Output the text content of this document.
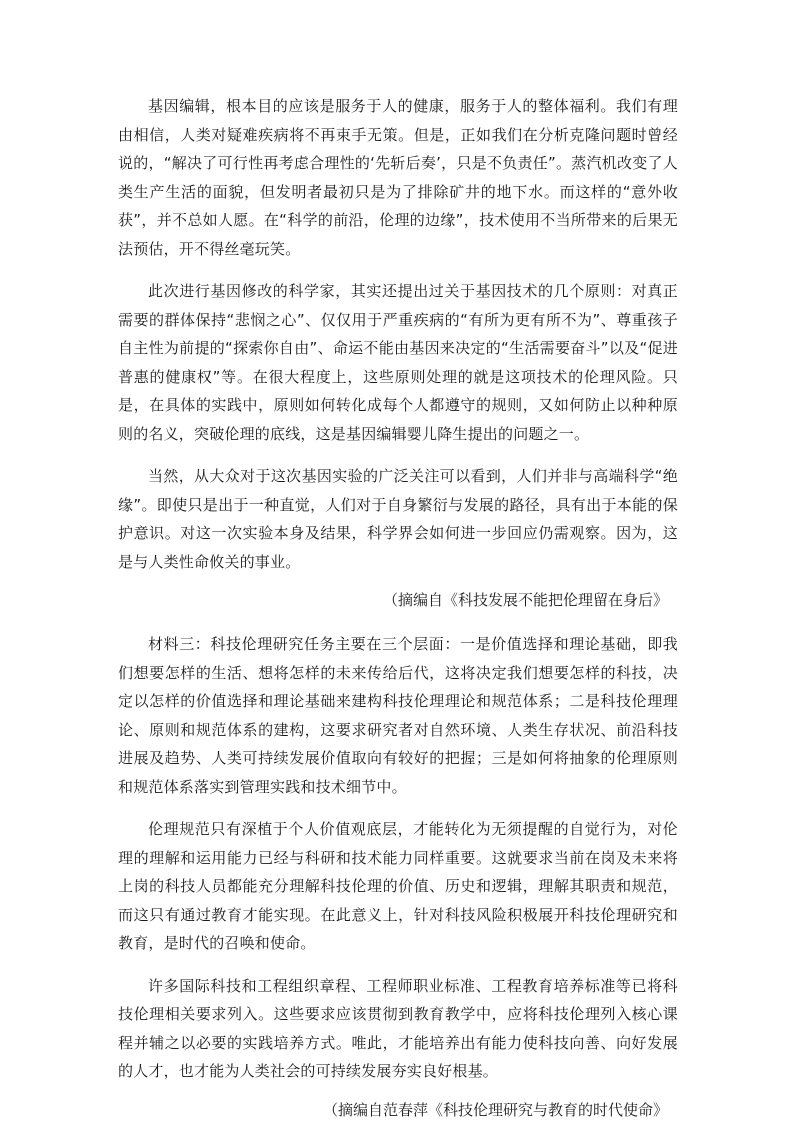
基因编辑，根本目的应该是服务于人的健康，服务于人的整体福利。我们有理由相信，人类对疑难疾病将不再束手无策。但是，正如我们在分析克隆问题时曾经说的，“解决了可行性再考虑合理性的‘先斩后奏’，只是不负责任”。蒸汽机改变了人类生产生活的面貌，但发明者最初只是为了排除矿井的地下水。而这样的“意外收获”，并不总如人愿。在“科学的前沿，伦理的边缘”，技术使用不当所带来的后果无法预估，开不得丝毫玩笑。

此次进行基因修改的科学家，其实还提出过关于基因技术的几个原则：对真正需要的群体保持“悲悯之心”、仅仅用于严重疾病的“有所为更有所不为”、尊重孩子自主性为前提的“探索你自由”、命运不能由基因来决定的“生活需要奋斗”以及“促进普惠的健康权”等。在很大程度上，这些原则处理的就是这项技术的伦理风险。只是，在具体的实践中，原则如何转化成每个人都遵守的规则，又如何防止以种种原则的名义，突破伦理的底线，这是基因编辑婴儿降生提出的问题之一。

当然，从大众对于这次基因实验的广泛关注可以看到，人们并非与高端科学“绝缘”。即使只是出于一种直觉，人们对于自身繁衍与发展的路径，具有出于本能的保护意识。对这一次实验本身及结果，科学界会如何进一步回应仍需观察。因为，这是与人类性命攸关的事业。

（摘编自《科技发展不能把伦理留在身后》

材料三：科技伦理研究任务主要在三个层面：一是价值选择和理论基础，即我们想要怎样的生活、想将怎样的未来传给后代，这将决定我们想要怎样的科技，决定以怎样的价值选择和理论基础来建构科技伦理理论和规范体系；二是科技伦理理论、原则和规范体系的建构，这要求研究者对自然环境、人类生存状况、前沿科技进展及趋势、人类可持续发展价值取向有较好的把握；三是如何将抽象的伦理原则和规范体系落实到管理实践和技术细节中。

伦理规范只有深植于个人价值观底层，才能转化为无须提醒的自觉行为，对伦理的理解和运用能力已经与科研和技术能力同样重要。这就要求当前在岗及未来将上岗的科技人员都能充分理解科技伦理的价值、历史和逻辑，理解其职责和规范，而这只有通过教育才能实现。在此意义上，针对科技风险积极展开科技伦理研究和教育，是时代的召唤和使命。

许多国际科技和工程组织章程、工程师职业标准、工程教育培养标准等已将科技伦理相关要求列入。这些要求应该贯彻到教育教学中，应将科技伦理列入核心课程并辅之以必要的实践培养方式。唯此，才能培养出有能力使科技向善、向好发展的人才，也才能为人类社会的可持续发展夯实良好根基。

（摘编自范春萍《科技伦理研究与教育的时代使命》
